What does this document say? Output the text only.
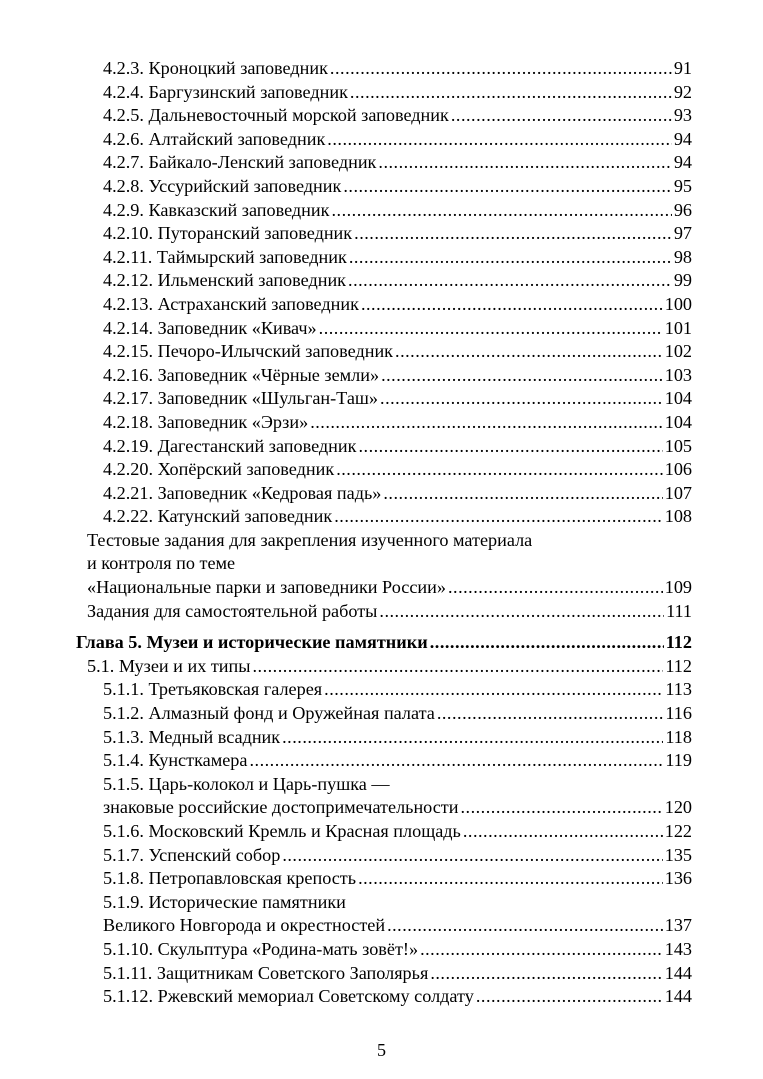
4.2.3. Кроноцкий заповедник .....	91
4.2.4. Баргузинский заповедник .....	92
4.2.5. Дальневосточный морской заповедник .....	93
4.2.6. Алтайский заповедник .....	94
4.2.7. Байкало-Ленский заповедник .....	94
4.2.8. Уссурийский заповедник .....	95
4.2.9. Кавказский заповедник .....	96
4.2.10. Путоранский заповедник .....	97
4.2.11. Таймырский заповедник .....	98
4.2.12. Ильменский заповедник .....	99
4.2.13. Астраханский заповедник .....	100
4.2.14. Заповедник «Кивач» .....	101
4.2.15. Печоро-Илычский заповедник .....	102
4.2.16. Заповедник «Чёрные земли» .....	103
4.2.17. Заповедник «Шульган-Таш» .....	104
4.2.18. Заповедник «Эрзи» .....	104
4.2.19. Дагестанский заповедник .....	105
4.2.20. Хопёрский заповедник .....	106
4.2.21. Заповедник «Кедровая падь» .....	107
4.2.22. Катунский заповедник .....	108
Тестовые задания для закрепления изученного материала
и контроля по теме
«Национальные парки и заповедники России» .....	109
Задания для самостоятельной работы .....	111
Глава 5. Музеи и исторические памятники .....	112
5.1. Музеи и их типы .....	112
5.1.1. Третьяковская галерея .....	113
5.1.2. Алмазный фонд и Оружейная палата .....	116
5.1.3. Медный всадник .....	118
5.1.4. Кунсткамера .....	119
5.1.5. Царь-колокол и Царь-пушка —
знаковые российские достопримечательности .....	120
5.1.6. Московский Кремль и Красная площадь .....	122
5.1.7. Успенский собор .....	135
5.1.8. Петропавловская крепость .....	136
5.1.9. Исторические памятники
Великого Новгорода и окрестностей .....	137
5.1.10. Скульптура «Родина-мать зовёт!» .....	143
5.1.11. Защитникам Советского Заполярья .....	144
5.1.12. Ржевский мемориал Советскому солдату .....	144
5
